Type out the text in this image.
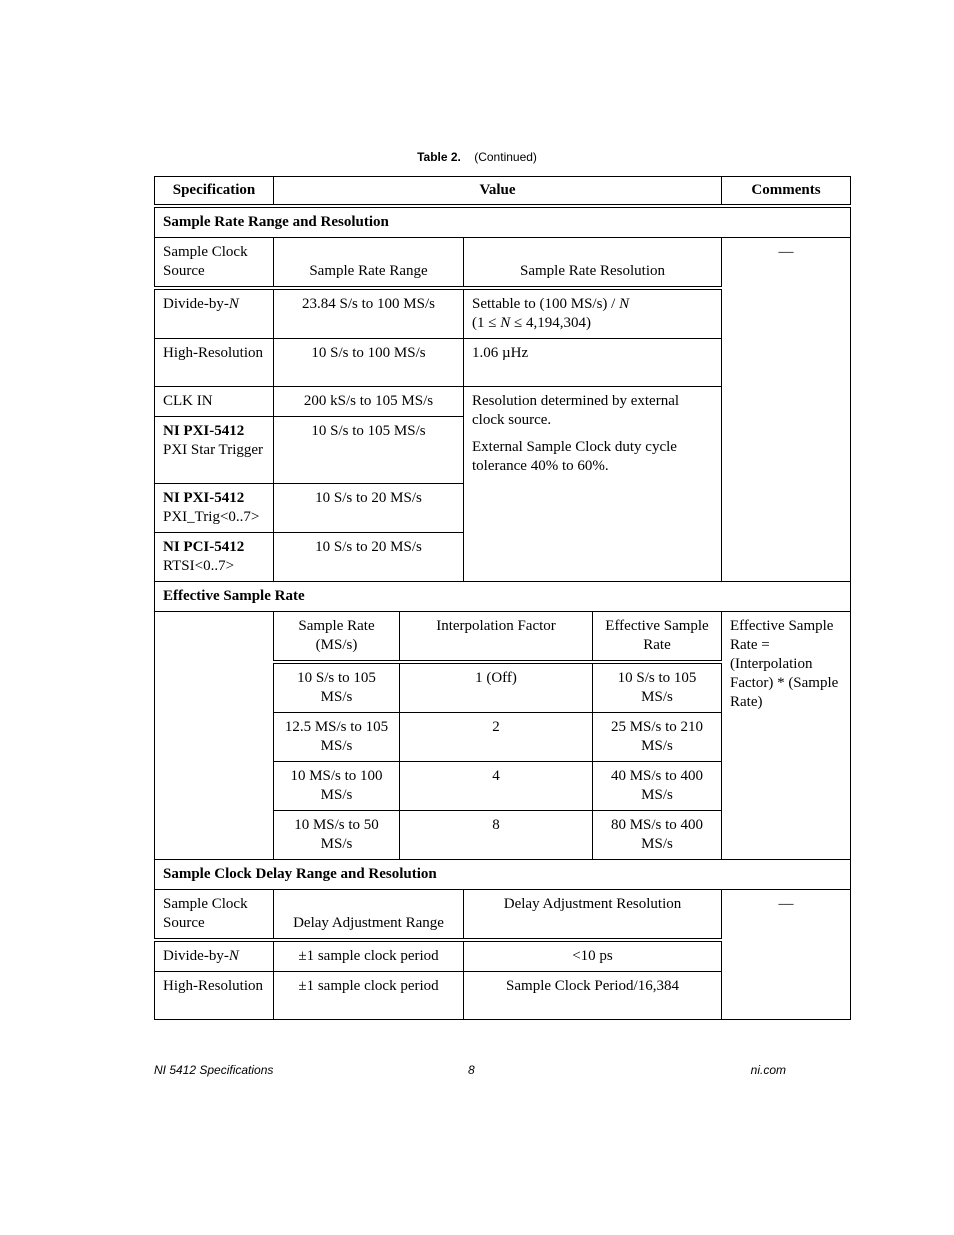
Table 2. (Continued)
Specification	Value				Comments
Sample Rate Range and Resolution					
Sample Clock Source	Sample Rate Range		Sample Rate Resolution		—
Divide-by-N	23.84 S/s to 100 MS/s		Settable to (100 MS/s) / N
(1 ≤ N ≤ 4,194,304)		
High-Resolution	10 S/s to 100 MS/s		1.06 µHz		
CLK IN	200 kS/s to 105 MS/s		Resolution determined by external clock source.

External Sample Clock duty cycle tolerance 40% to 60%.		

NI PXI-5412
PXI Star Trigger	10 S/s to 105 MS/s				
NI PXI-5412
PXI_Trig<0..7>	10 S/s to 20 MS/s				
NI PCI-5412
RTSI<0..7>	10 S/s to 20 MS/s				
Effective Sample Rate					
	Sample Rate (MS/s)	Interpolation Factor		Effective Sample Rate	Effective Sample Rate = (Interpolation Factor) * (Sample Rate)
	10 S/s to 105 MS/s	1 (Off)		10 S/s to 105 MS/s	
	12.5 MS/s to 105 MS/s	2		25 MS/s to 210 MS/s	
	10 MS/s to 100 MS/s	4		40 MS/s to 400 MS/s	
	10 MS/s to 50 MS/s	8		80 MS/s to 400 MS/s	
Sample Clock Delay Range and Resolution					
Sample Clock Source	Delay Adjustment Range		Delay Adjustment Resolution		—
Divide-by-N	±1 sample clock period		<10 ps		
High-Resolution	±1 sample clock period		Sample Clock Period/16,384		
NI 5412 Specifications	8	ni.com
